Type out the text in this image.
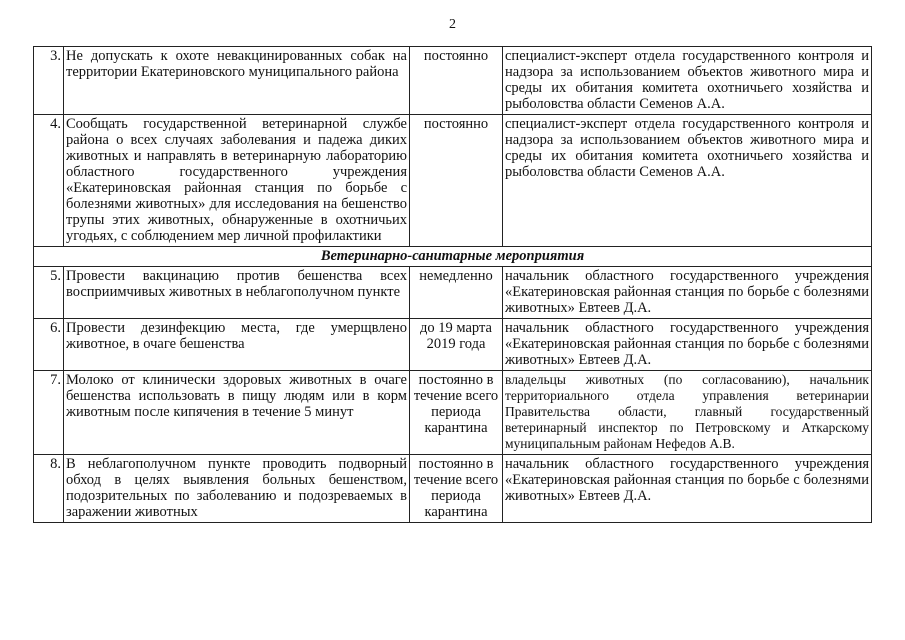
2
3.	Не допускать к охоте невакцинированных собак на территории Екатериновского муниципального района	постоянно	специалист-эксперт отдела государственного контроля и надзора за использованием объектов животного мира и среды их обитания комитета охотничьего хозяйства и рыболовства области Семенов А.А.
4.	Сообщать государственной ветеринарной службе района о всех случаях заболевания и падежа диких животных и направлять в ветеринарную лабораторию областного государственного учреждения «Екатериновская районная станция по борьбе с болезнями животных» для исследования на бешенство трупы этих животных, обнаруженные в охотничьих угодьях, с соблюдением мер личной профилактики	постоянно	специалист-эксперт отдела государственного контроля и надзора за использованием объектов животного мира и среды их обитания комитета охотничьего хозяйства и рыболовства области Семенов А.А.
Ветеринарно-санитарные мероприятия			
5.	Провести вакцинацию против бешенства всех восприимчивых животных в неблагополучном пункте	немедленно	начальник областного государственного учреждения «Екатериновская районная станция по борьбе с болезнями животных» Евтеев Д.А.
6.	Провести дезинфекцию места, где умерщвлено животное, в очаге бешенства	до 19 марта 2019 года	начальник областного государственного учреждения «Екатериновская районная станция по борьбе с болезнями животных» Евтеев Д.А.
7.	Молоко от клинически здоровых животных в очаге бешенства использовать в пищу людям или в корм животным после кипячения в течение 5 минут	постоянно в течение всего периода карантина	владельцы животных (по согласованию), начальник территориального отдела управления ветеринарии Правительства области, главный государственный ветеринарный инспектор по Петровскому и Аткарскому муниципальным районам Нефедов А.В.
8.	В неблагополучном пункте проводить подворный обход в целях выявления больных бешенством, подозрительных по заболеванию и подозреваемых в заражении животных	постоянно в течение всего периода карантина	начальник областного государственного учреждения «Екатериновская районная станция по борьбе с болезнями животных» Евтеев Д.А.
